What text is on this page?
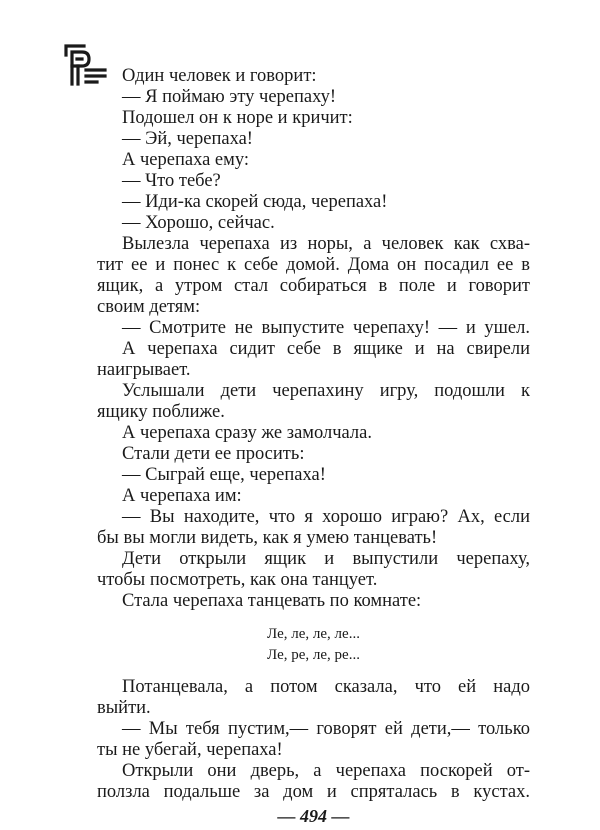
Один человек и говорит:
— Я поймаю эту черепаху!
Подошел он к норе и кричит:
— Эй, черепаха!
А черепаха ему:
— Что тебе?
— Иди-ка скорей сюда, черепаха!
— Хорошо, сейчас.
Вылезла черепаха из норы, а человек как схва-
тит ее и понес к себе домой. Дома он посадил ее в
ящик, а утром стал собираться в поле и говорит
своим детям:
— Смотрите не выпустите черепаху! — и ушел.
А черепаха сидит себе в ящике и на свирели
наигрывает.
Услышали дети черепахину игру, подошли к
ящику поближе.
А черепаха сразу же замолчала.
Стали дети ее просить:
— Сыграй еще, черепаха!
А черепаха им:
— Вы находите, что я хорошо играю? Ах, если
бы вы могли видеть, как я умею танцевать!
Дети открыли ящик и выпустили черепаху,
чтобы посмотреть, как она танцует.
Стала черепаха танцевать по комнате:
Ле, ле, ле, ле...
Ле, ре, ле, ре...
Потанцевала, а потом сказала, что ей надо
выйти.
— Мы тебя пустим,— говорят ей дети,— только
ты не убегай, черепаха!
Открыли они дверь, а черепаха поскорей от-
ползла подальше за дом и спряталась в кустах.
— 494 —
